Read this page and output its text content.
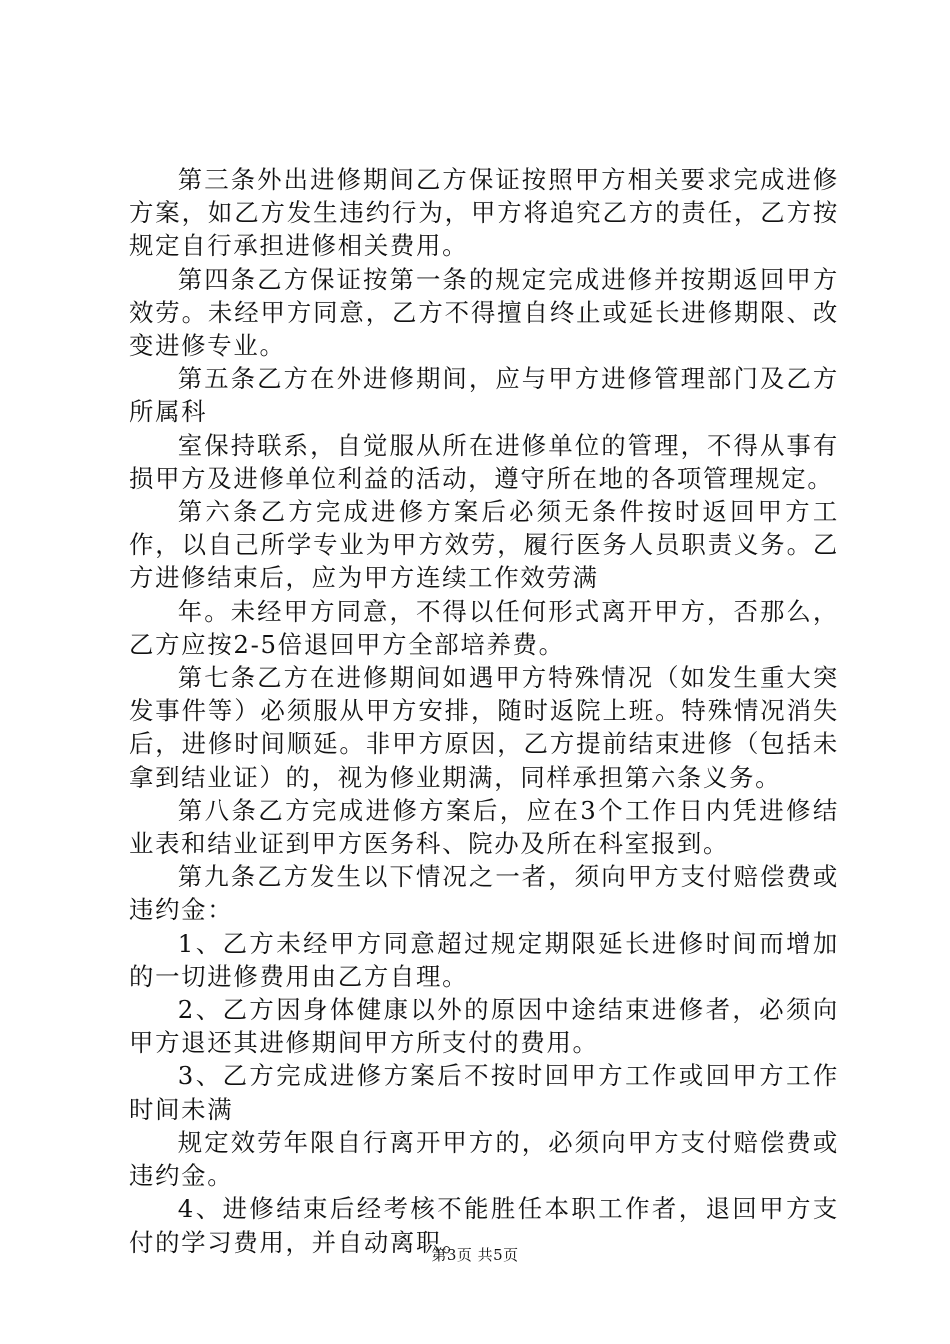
第三条外出进修期间乙方保证按照甲方相关要求完成进修方案，如乙方发生违约行为，甲方将追究乙方的责任，乙方按规定自行承担进修相关费用。

第四条乙方保证按第一条的规定完成进修并按期返回甲方效劳。未经甲方同意，乙方不得擅自终止或延长进修期限、改变进修专业。

第五条乙方在外进修期间，应与甲方进修管理部门及乙方所属科

室保持联系，自觉服从所在进修单位的管理，不得从事有损甲方及进修单位利益的活动，遵守所在地的各项管理规定。

第六条乙方完成进修方案后必须无条件按时返回甲方工作，以自己所学专业为甲方效劳，履行医务人员职责义务。乙方进修结束后，应为甲方连续工作效劳满

年。未经甲方同意，不得以任何形式离开甲方，否那么，乙方应按2-5倍退回甲方全部培养费。

第七条乙方在进修期间如遇甲方特殊情况（如发生重大突发事件等）必须服从甲方安排，随时返院上班。特殊情况消失后，进修时间顺延。非甲方原因，乙方提前结束进修（包括未拿到结业证）的，视为修业期满，同样承担第六条义务。

第八条乙方完成进修方案后，应在3个工作日内凭进修结业表和结业证到甲方医务科、院办及所在科室报到。

第九条乙方发生以下情况之一者，须向甲方支付赔偿费或违约金：

1、乙方未经甲方同意超过规定期限延长进修时间而增加的一切进修费用由乙方自理。

2、乙方因身体健康以外的原因中途结束进修者，必须向甲方退还其进修期间甲方所支付的费用。

3、乙方完成进修方案后不按时回甲方工作或回甲方工作时间未满

规定效劳年限自行离开甲方的，必须向甲方支付赔偿费或违约金。

4、进修结束后经考核不能胜任本职工作者，退回甲方支付的学习费用，并自动离职。

第3页 共5页
